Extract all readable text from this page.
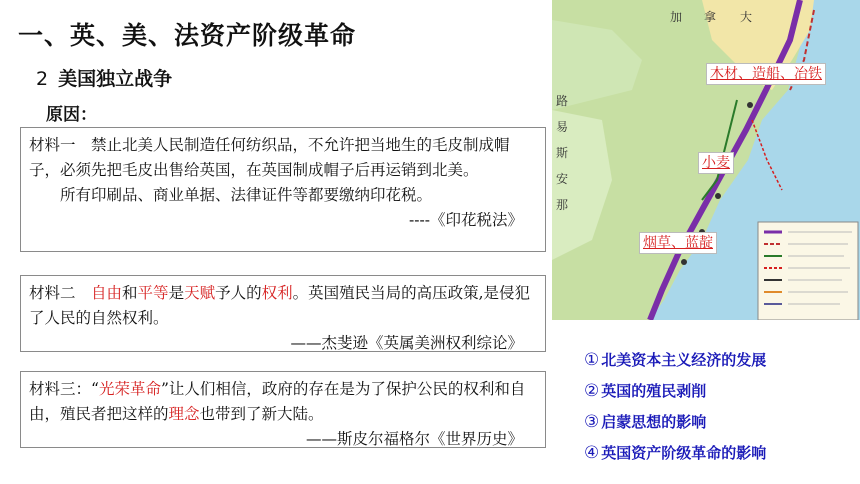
一、英、美、法资产阶级革命
2 美国独立战争
原因：

材料一　禁止北美人民制造任何纺织品，不允许把当地生的毛皮制成帽子，必须先把毛皮出售给英国，在英国制成帽子后再运销到北美。

所有印刷品、商业单据、法律证件等都要缴纳印花税。

----《印花税法》

材料二　自由和平等是天赋予人的权利。英国殖民当局的高压政策,是侵犯了人民的自然权利。

——杰斐逊《英属美洲权利综论》

材料三：“光荣革命”让人们相信，政府的存在是为了保护公民的权利和自由，殖民者把这样的理念也带到了新大陆。

——斯皮尔福格尔《世界历史》

加 拿 大
路
易
斯
安
那
木材、造船、冶铁
小麦
烟草、蓝靛
① 北美资本主义经济的发展
② 英国的殖民剥削
③ 启蒙思想的影响
④ 英国资产阶级革命的影响
